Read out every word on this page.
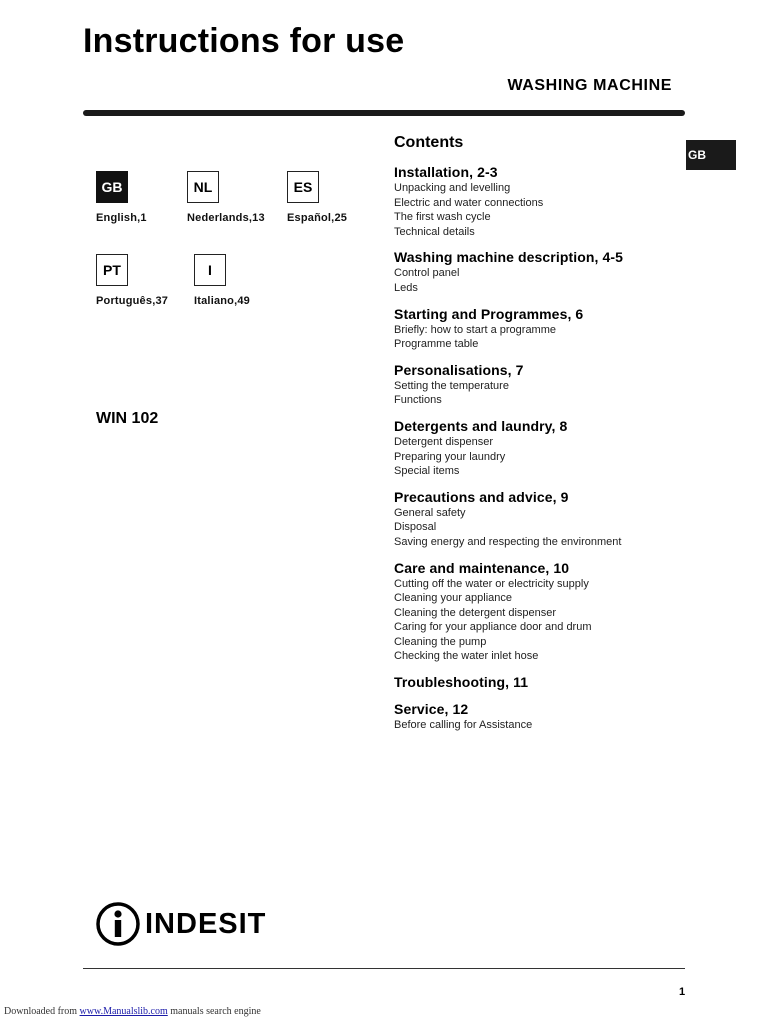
Instructions for use
WASHING MACHINE
GB
GB
English,1
NL
Nederlands,13
ES
Español,25
PT
Português,37
I
Italiano,49
WIN 102
Contents
Installation, 2-3
Unpacking and levelling
Electric and water connections
The first wash cycle
Technical details
Washing machine description, 4-5
Control panel
Leds
Starting and Programmes, 6
Briefly: how to start a programme
Programme table
Personalisations, 7
Setting the temperature
Functions
Detergents and laundry, 8
Detergent dispenser
Preparing your laundry
Special items
Precautions and advice, 9
General safety
Disposal
Saving energy and respecting the environment
Care and maintenance, 10
Cutting off the water or electricity supply
Cleaning your appliance
Cleaning the detergent dispenser
Caring for your appliance door and drum
Cleaning the pump
Checking the water inlet hose
Troubleshooting, 11
Service, 12
Before calling for Assistance
INDESIT
1
Downloaded from www.Manualslib.com manuals search engine
